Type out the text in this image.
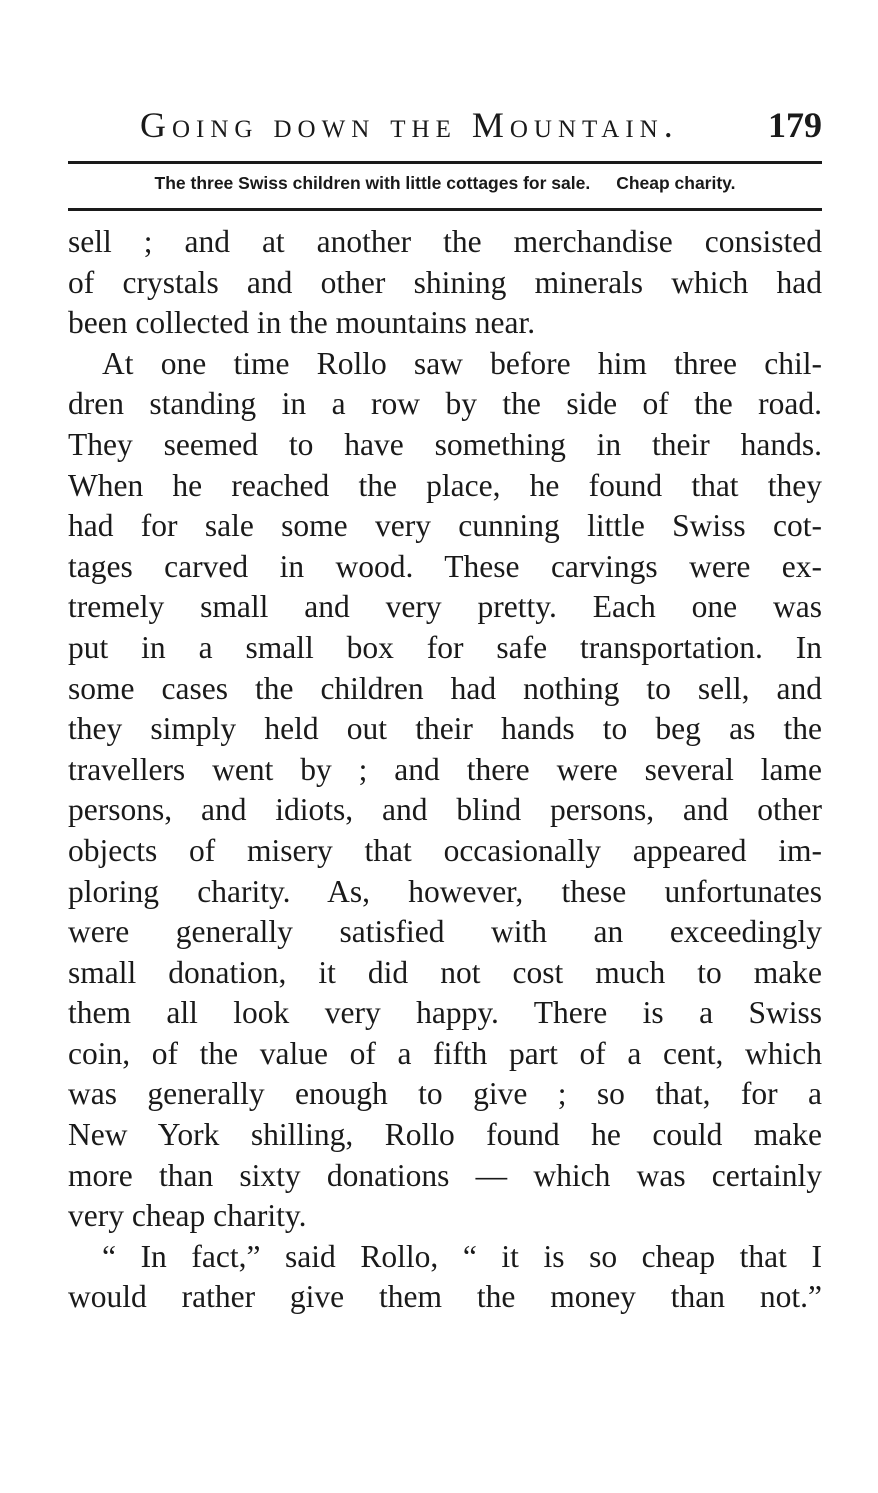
Going down the Mountain. 179
The three Swiss children with little cottages for sale. Cheap charity.
sell ; and at another the merchandise consisted
of crystals and other shining minerals which had
been collected in the mountains near.
At one time Rollo saw before him three chil-
dren standing in a row by the side of the road.
They seemed to have something in their hands.
When he reached the place, he found that they
had for sale some very cunning little Swiss cot-
tages carved in wood. These carvings were ex-
tremely small and very pretty. Each one was
put in a small box for safe transportation. In
some cases the children had nothing to sell, and
they simply held out their hands to beg as the
travellers went by ; and there were several lame
persons, and idiots, and blind persons, and other
objects of misery that occasionally appeared im-
ploring charity. As, however, these unfortunates
were generally satisfied with an exceedingly
small donation, it did not cost much to make
them all look very happy. There is a Swiss
coin, of the value of a fifth part of a cent, which
was generally enough to give ; so that, for a
New York shilling, Rollo found he could make
more than sixty donations — which was certainly
very cheap charity.
“ In fact,” said Rollo, “ it is so cheap that I
would rather give them the money than not.”
